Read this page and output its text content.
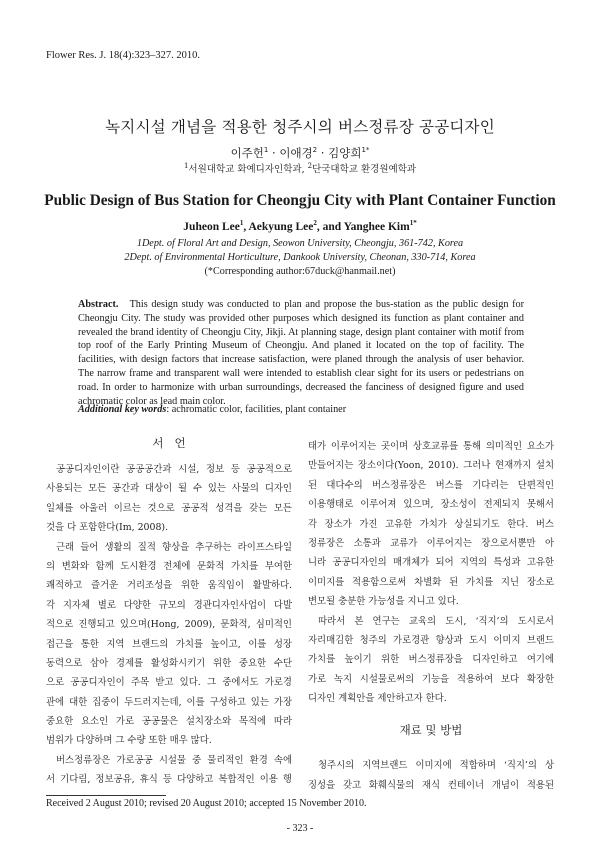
Flower Res. J. 18(4):323–327. 2010.
녹지시설 개념을 적용한 청주시의 버스정류장 공공디자인
이주헌$^1$ · 이애경$^2$ · 김양희$^{1*}$
$^1$서원대학교 화예디자인학과, $^2$단국대학교 환경원예학과
Public Design of Bus Station for Cheongju City with Plant Container Function
Juheon Lee$^1$, Aekyung Lee$^2$, and Yanghee Kim$^{1*}$
1Dept. of Floral Art and Design, Seowon University, Cheongju, 361-742, Korea
2Dept. of Environmental Horticulture, Dankook University, Cheonan, 330-714, Korea
(*Corresponding author:67duck@hanmail.net)
Abstract. This design study was conducted to plan and propose the bus-station as the public design for Cheongju City. The study was provided other purposes which designed its function as plant container and revealed the brand identity of Cheongju City, Jikji. At planning stage, design plant container with motif from top roof of the Early Printing Museum of Cheongju. And planed it located on the top of facility. The facilities, with design factors that increase satisfaction, were planed through the analysis of user behavior. The narrow frame and transparent wall were intended to establish clear sight for its users or pedestrians on road. In order to harmonize with urban surroundings, decreased the fanciness of designed figure and used achromatic color as lead main color.
Additional key words: achromatic color, facilities, plant container
서   언
공공디자인이란 공공공간과 시설, 정보 등 공공적으로
사용되는 모든 공간과 대상이 될 수 있는 사물의 디자인
일체를 아울러 이르는 것으로 공공적 성격을 갖는 모든
것을 다 포함한다(Im, 2008).
근래 들어 생활의 질적 향상을 추구하는 라이프스타일
의 변화와 함께 도시환경 전체에 문화적 가치를 부여한
쾌적하고 즐거운 거리조성을 위한 움직임이 활발하다.
각 지자체 별로 다양한 규모의 경관디자인사업이 다발
적으로 진행되고 있으며(Hong, 2009), 문화적, 심미적인
접근을 통한 지역 브랜드의 가치를 높이고, 이를 성장
동력으로 삼아 경제를 활성화시키기 위한 중요한 수단
으로 공공디자인이 주목 받고 있다. 그 중에서도 가로경
관에 대한 집중이 두드러지는데, 이를 구성하고 있는 가장
중요한 요소인 가로 공공물은 설치장소와 목적에 따라
범위가 다양하며 그 수량 또한 매우 많다.
버스정류장은 가로공공 시설물 중 물리적인 환경 속에
서 기다림, 정보공유, 휴식 등 다양하고 복합적인 이용 행
태가 이루어지는 곳이며 상호교류를 통해 의미적인 요소가
만들어지는 장소이다(Yoon, 2010). 그러나 현재까지 설치
된 대다수의 버스정류장은 버스를 기다리는 단편적인
이용행태로 이루어져 있으며, 장소성이 전제되지 못해서
각 장소가 가진 고유한 가치가 상실되기도 한다. 버스
정류장은 소통과 교류가 이루어지는 장으로서뿐만 아
니라 공공디자인의 매개체가 되어 지역의 특성과 고유한
이미지를 적용함으로써 차별화 된 가치를 지닌 장소로
변모될 충분한 가능성을 지니고 있다.
따라서 본 연구는 교육의 도시, ‘직지’의 도시로서
자리매김한 청주의 가로경관 향상과 도시 이미지 브랜드
가치를 높이기 위한 버스정류장을 디자인하고 여기에
가로 녹지 시설물로써의 기능을 적용하여 보다 확장한
디자인 계획안을 제안하고자 한다.
재료 및 방법
청주시의 지역브랜드 이미지에 적합하며 ‘직지’의 상
징성을 갖고 화훼식물의 재식 컨테이너 개념이 적용된
Received 2 August 2010; revised 20 August 2010; accepted 15 November 2010.
- 323 -
